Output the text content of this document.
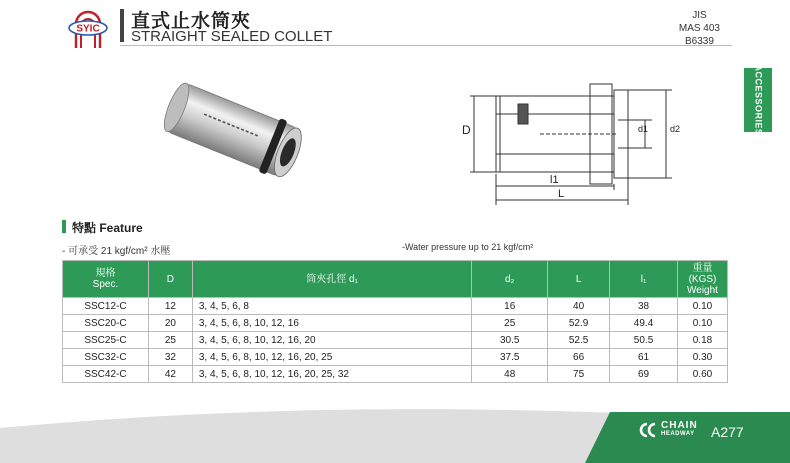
SYIC 直式止水筒夾
STRAIGHT SEALED COLLET
JIS
MAS 403
B6339
ACCESSORIES
D	d1 d2
l1
L
特點 Feature
- 可承受 21 kgf/cm² 水壓	-Water pressure up to 21 kgf/cm²
規格
Spec.	D	筒夾孔徑 d₁	d₂	L	l₁	重量
(KGS)
Weight
SSC12-C	12	3, 4, 5, 6, 8	16	40	38	0.10
SSC20-C	20	3, 4, 5, 6, 8, 10, 12, 16	25	52.9	49.4	0.10
SSC25-C	25	3, 4, 5, 6, 8, 10, 12, 16, 20	30.5	52.5	50.5	0.18
SSC32-C	32	3, 4, 5, 6, 8, 10, 12, 16, 20, 25	37.5	66	61	0.30
SSC42-C	42	3, 4, 5, 6, 8, 10, 12, 16, 20, 25, 32	48	75	69	0.60
CHAIN
HEADWAY A277
